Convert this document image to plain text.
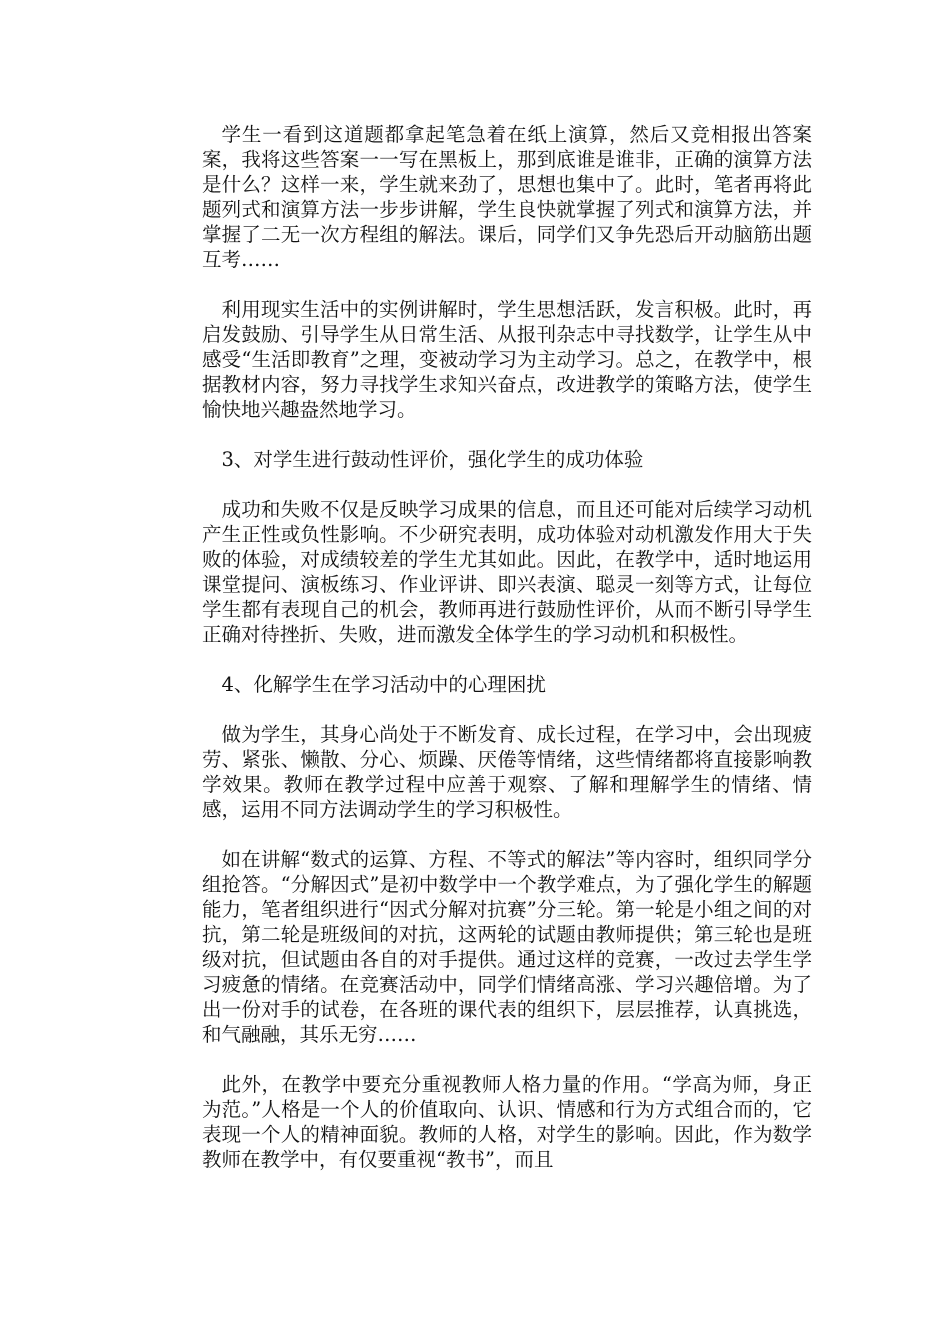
学生一看到这道题都拿起笔急着在纸上演算，然后又竞相报出答案案，我将这些答案一一写在黑板上，那到底谁是谁非，正确的演算方法是什么？这样一来，学生就来劲了，思想也集中了。此时，笔者再将此题列式和演算方法一步步讲解，学生良快就掌握了列式和演算方法，并掌握了二无一次方程组的解法。课后，同学们又争先恐后开动脑筋出题互考……

利用现实生活中的实例讲解时，学生思想活跃，发言积极。此时，再启发鼓励、引导学生从日常生活、从报刊杂志中寻找数学，让学生从中感受“生活即教育”之理，变被动学习为主动学习。总之，在教学中，根据教材内容，努力寻找学生求知兴奋点，改进教学的策略方法，使学生愉快地兴趣盎然地学习。

3、对学生进行鼓动性评价，强化学生的成功体验

成功和失败不仅是反映学习成果的信息，而且还可能对后续学习动机产生正性或负性影响。不少研究表明，成功体验对动机激发作用大于失败的体验，对成绩较差的学生尤其如此。因此，在教学中，适时地运用课堂提问、演板练习、作业评讲、即兴表演、聪灵一刻等方式，让每位学生都有表现自己的机会，教师再进行鼓励性评价，从而不断引导学生正确对待挫折、失败，进而激发全体学生的学习动机和积极性。

4、化解学生在学习活动中的心理困扰

做为学生，其身心尚处于不断发育、成长过程，在学习中，会出现疲劳、紧张、懒散、分心、烦躁、厌倦等情绪，这些情绪都将直接影响教学效果。教师在教学过程中应善于观察、了解和理解学生的情绪、情感，运用不同方法调动学生的学习积极性。

如在讲解“数式的运算、方程、不等式的解法”等内容时，组织同学分组抢答。“分解因式”是初中数学中一个教学难点，为了强化学生的解题能力，笔者组织进行“因式分解对抗赛”分三轮。第一轮是小组之间的对抗，第二轮是班级间的对抗，这两轮的试题由教师提供；第三轮也是班级对抗，但试题由各自的对手提供。通过这样的竞赛，一改过去学生学习疲惫的情绪。在竞赛活动中，同学们情绪高涨、学习兴趣倍增。为了出一份对手的试卷，在各班的课代表的组织下，层层推荐，认真挑选，和气融融，其乐无穷……

此外，在教学中要充分重视教师人格力量的作用。“学高为师，身正为范。”人格是一个人的价值取向、认识、情感和行为方式组合而的，它表现一个人的精神面貌。教师的人格，对学生的影响。因此，作为数学教师在教学中，有仅要重视“教书”，而且
